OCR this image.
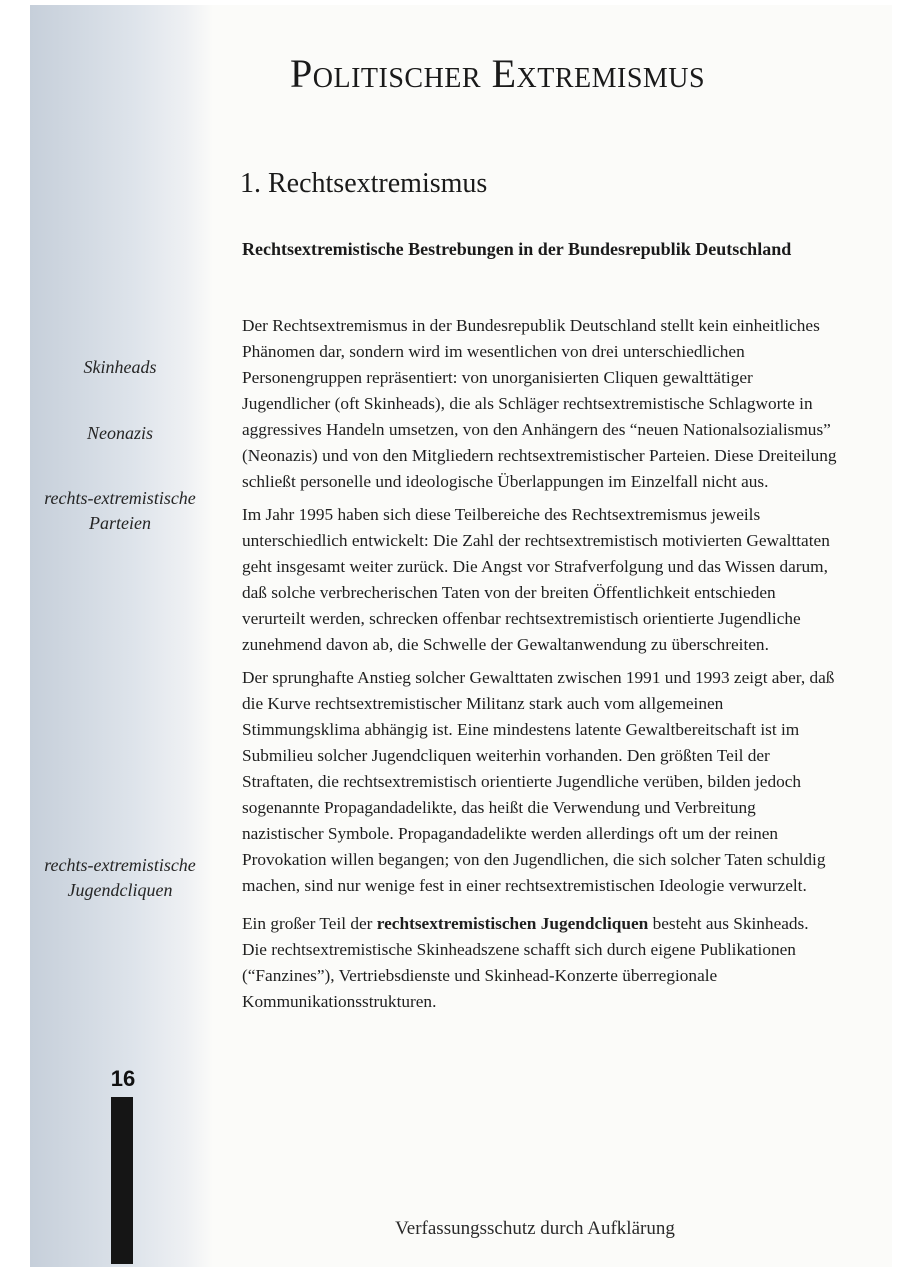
Politischer Extremismus
1. Rechtsextremismus
Rechtsextremistische Bestrebungen in der Bundesrepublik Deutschland
Skinheads
Neonazis
rechts-extremistische Parteien
rechts-extremistische Jugendcliquen

Der Rechtsextremismus in der Bundesrepublik Deutschland stellt kein einheitliches Phänomen dar, sondern wird im wesentlichen von drei unterschiedlichen Personengruppen repräsentiert: von unorganisierten Cliquen gewalttätiger Jugendlicher (oft Skinheads), die als Schläger rechtsextremistische Schlagworte in aggressives Handeln umsetzen, von den Anhängern des “neuen Nationalsozialismus” (Neonazis) und von den Mitgliedern rechtsextremistischer Parteien. Diese Dreiteilung schließt personelle und ideologische Überlappungen im Einzelfall nicht aus.

Im Jahr 1995 haben sich diese Teilbereiche des Rechtsextremismus jeweils unterschiedlich entwickelt: Die Zahl der rechtsextremistisch motivierten Gewalttaten geht insgesamt weiter zurück. Die Angst vor Strafverfolgung und das Wissen darum, daß solche verbrecherischen Taten von der breiten Öffentlichkeit entschieden verurteilt werden, schrecken offenbar rechtsextremistisch orientierte Jugendliche zunehmend davon ab, die Schwelle der Gewaltanwendung zu überschreiten.

Der sprunghafte Anstieg solcher Gewalttaten zwischen 1991 und 1993 zeigt aber, daß die Kurve rechtsextremistischer Militanz stark auch vom allgemeinen Stimmungsklima abhängig ist. Eine mindestens latente Gewaltbereitschaft ist im Submilieu solcher Jugendcliquen weiterhin vorhanden. Den größten Teil der Straftaten, die rechtsextremistisch orientierte Jugendliche verüben, bilden jedoch sogenannte Propagandadelikte, das heißt die Verwendung und Verbreitung nazistischer Symbole. Propagandadelikte werden allerdings oft um der reinen Provokation willen begangen; von den Jugendlichen, die sich solcher Taten schuldig machen, sind nur wenige fest in einer rechtsextremistischen Ideologie verwurzelt.

Ein großer Teil der rechtsextremistischen Jugendcliquen besteht aus Skinheads. Die rechtsextremistische Skinheadszene schafft sich durch eigene Publikationen (“Fanzines”), Vertriebsdienste und Skinhead-Konzerte überregionale Kommunikationsstrukturen.

16
Verfassungsschutz durch Aufklärung
